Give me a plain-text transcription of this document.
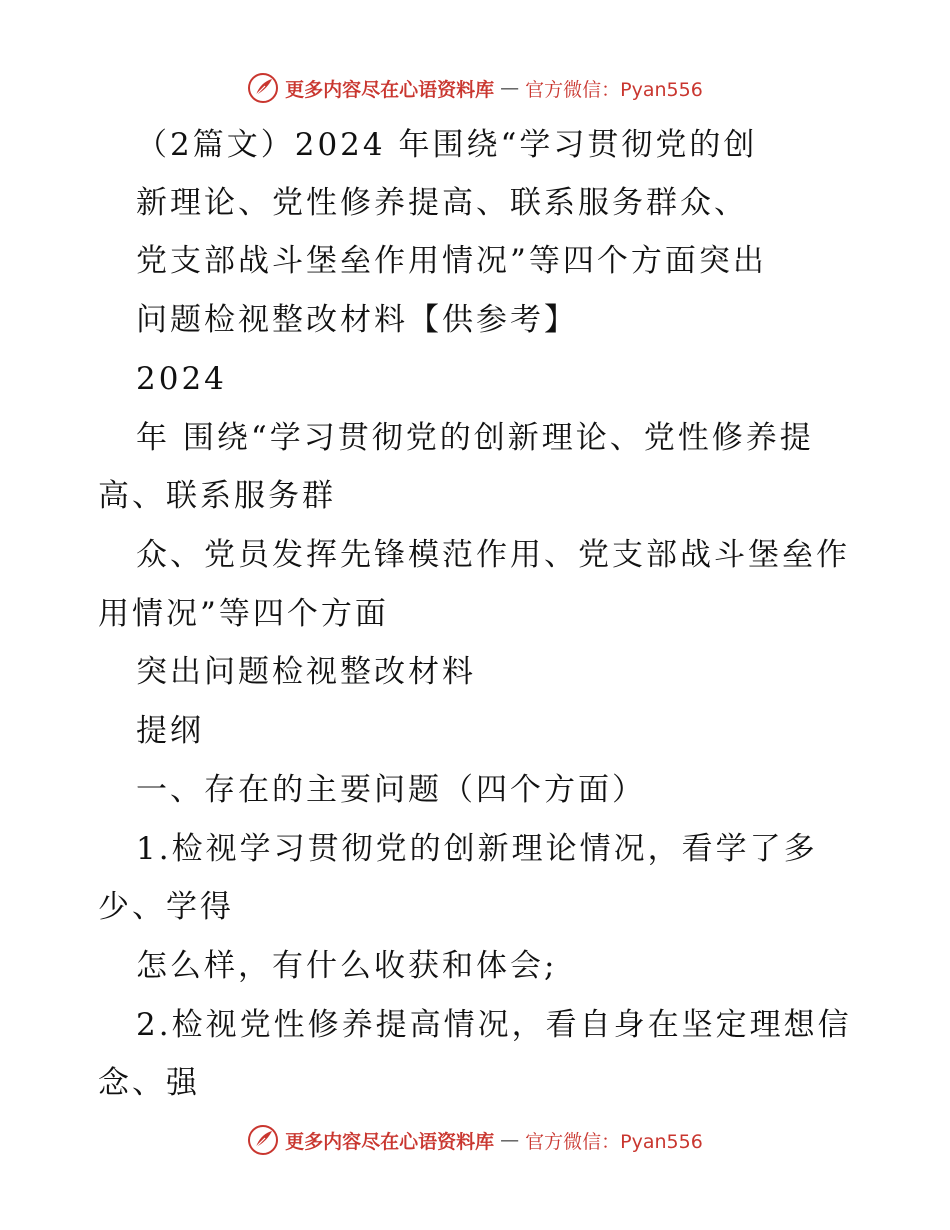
更多内容尽在心语资料库 — 官方微信：Pyan556
（2篇文）2024 年围绕“学习贯彻党的创
新理论、党性修养提高、联系服务群众、
党支部战斗堡垒作用情况”等四个方面突出
问题检视整改材料【供参考】
2024
年 围绕“学习贯彻党的创新理论、党性修养提
高、联系服务群
众、党员发挥先锋模范作用、党支部战斗堡垒作
用情况”等四个方面
突出问题检视整改材料
提纲
一、存在的主要问题（四个方面）
1.检视学习贯彻党的创新理论情况，看学了多
少、学得
怎么样，有什么收获和体会;
2.检视党性修养提高情况，看自身在坚定理想信
念、强
更多内容尽在心语资料库 — 官方微信：Pyan556
